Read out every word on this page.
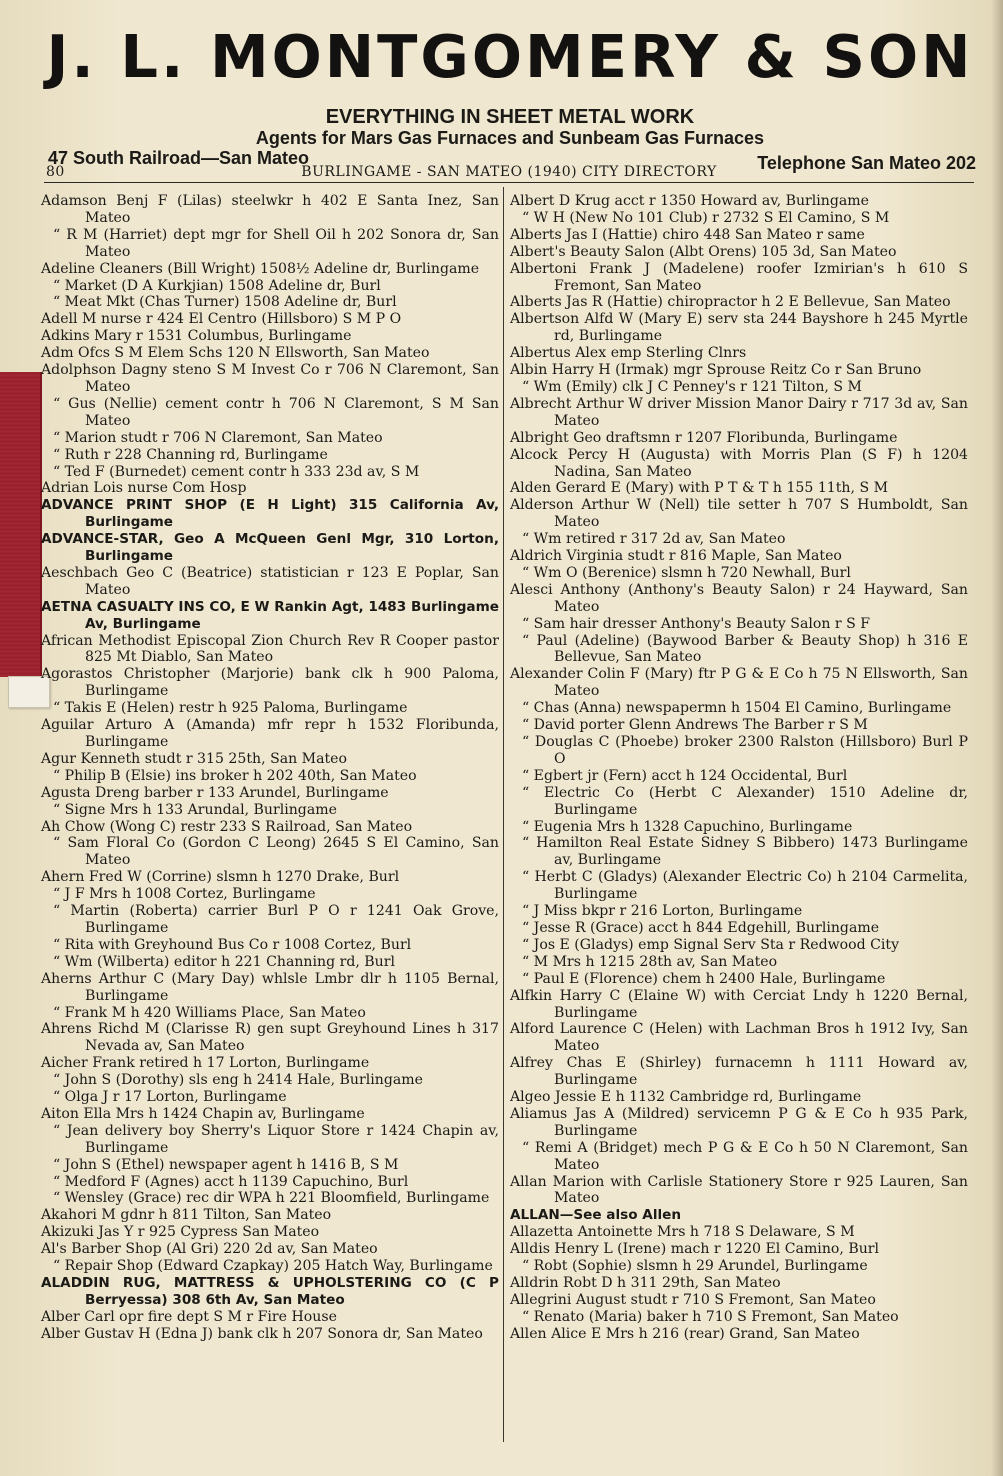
J. L. MONTGOMERY & SON
EVERYTHING IN SHEET METAL WORK
Agents for Mars Gas Furnaces and Sunbeam Gas Furnaces
47 South Railroad—San Mateo	Telephone San Mateo 202
80	BURLINGAME - SAN MATEO (1940) CITY DIRECTORY

Adamson Benj F (Lilas) steelwkr h 402 E Santa Inez, San Mateo

“ R M (Harriet) dept mgr for Shell Oil h 202 Sonora dr, San Mateo

Adeline Cleaners (Bill Wright) 1508½ Adeline dr, Burlingame

“ Market (D A Kurkjian) 1508 Adeline dr, Burl

“ Meat Mkt (Chas Turner) 1508 Adeline dr, Burl

Adell M nurse r 424 El Centro (Hillsboro) S M P O

Adkins Mary r 1531 Columbus, Burlingame

Adm Ofcs S M Elem Schs 120 N Ellsworth, San Mateo

Adolphson Dagny steno S M Invest Co r 706 N Claremont, San Mateo

“ Gus (Nellie) cement contr h 706 N Claremont, S M San Mateo

“ Marion studt r 706 N Claremont, San Mateo

“ Ruth r 228 Channing rd, Burlingame

“ Ted F (Burnedet) cement contr h 333 23d av, S M

Adrian Lois nurse Com Hosp

ADVANCE PRINT SHOP (E H Light) 315 California Av, Burlingame

ADVANCE-STAR, Geo A McQueen Genl Mgr, 310 Lorton, Burlingame

Aeschbach Geo C (Beatrice) statistician r 123 E Poplar, San Mateo

AETNA CASUALTY INS CO, E W Rankin Agt, 1483 Burlingame Av, Burlingame

African Methodist Episcopal Zion Church Rev R Cooper pastor 825 Mt Diablo, San Mateo

Agorastos Christopher (Marjorie) bank clk h 900 Paloma, Burlingame

“ Takis E (Helen) restr h 925 Paloma, Burlingame

Aguilar Arturo A (Amanda) mfr repr h 1532 Floribunda, Burlingame

Agur Kenneth studt r 315 25th, San Mateo

“ Philip B (Elsie) ins broker h 202 40th, San Mateo

Agusta Dreng barber r 133 Arundel, Burlingame

“ Signe Mrs h 133 Arundal, Burlingame

Ah Chow (Wong C) restr 233 S Railroad, San Mateo

“ Sam Floral Co (Gordon C Leong) 2645 S El Camino, San Mateo

Ahern Fred W (Corrine) slsmn h 1270 Drake, Burl

“ J F Mrs h 1008 Cortez, Burlingame

“ Martin (Roberta) carrier Burl P O r 1241 Oak Grove, Burlingame

“ Rita with Greyhound Bus Co r 1008 Cortez, Burl

“ Wm (Wilberta) editor h 221 Channing rd, Burl

Aherns Arthur C (Mary Day) whlsle Lmbr dlr h 1105 Bernal, Burlingame

“ Frank M h 420 Williams Place, San Mateo

Ahrens Richd M (Clarisse R) gen supt Greyhound Lines h 317 Nevada av, San Mateo

Aicher Frank retired h 17 Lorton, Burlingame

“ John S (Dorothy) sls eng h 2414 Hale, Burlingame

“ Olga J r 17 Lorton, Burlingame

Aiton Ella Mrs h 1424 Chapin av, Burlingame

“ Jean delivery boy Sherry's Liquor Store r 1424 Chapin av, Burlingame

“ John S (Ethel) newspaper agent h 1416 B, S M

“ Medford F (Agnes) acct h 1139 Capuchino, Burl

“ Wensley (Grace) rec dir WPA h 221 Bloomfield, Burlingame

Akahori M gdnr h 811 Tilton, San Mateo

Akizuki Jas Y r 925 Cypress San Mateo

Al's Barber Shop (Al Gri) 220 2d av, San Mateo

“ Repair Shop (Edward Czapkay) 205 Hatch Way, Burlingame

ALADDIN RUG, MATTRESS & UPHOLSTERING CO (C P Berryessa) 308 6th Av, San Mateo

Alber Carl opr fire dept S M r Fire House

Alber Gustav H (Edna J) bank clk h 207 Sonora dr, San Mateo

Albert D Krug acct r 1350 Howard av, Burlingame

“ W H (New No 101 Club) r 2732 S El Camino, S M

Alberts Jas I (Hattie) chiro 448 San Mateo r same

Albert's Beauty Salon (Albt Orens) 105 3d, San Mateo

Albertoni Frank J (Madelene) roofer Izmirian's h 610 S Fremont, San Mateo

Alberts Jas R (Hattie) chiropractor h 2 E Bellevue, San Mateo

Albertson Alfd W (Mary E) serv sta 244 Bayshore h 245 Myrtle rd, Burlingame

Albertus Alex emp Sterling Clnrs

Albin Harry H (Irmak) mgr Sprouse Reitz Co r San Bruno

“ Wm (Emily) clk J C Penney's r 121 Tilton, S M

Albrecht Arthur W driver Mission Manor Dairy r 717 3d av, San Mateo

Albright Geo draftsmn r 1207 Floribunda, Burlingame

Alcock Percy H (Augusta) with Morris Plan (S F) h 1204 Nadina, San Mateo

Alden Gerard E (Mary) with P T & T h 155 11th, S M

Alderson Arthur W (Nell) tile setter h 707 S Humboldt, San Mateo

“ Wm retired r 317 2d av, San Mateo

Aldrich Virginia studt r 816 Maple, San Mateo

“ Wm O (Berenice) slsmn h 720 Newhall, Burl

Alesci Anthony (Anthony's Beauty Salon) r 24 Hayward, San Mateo

“ Sam hair dresser Anthony's Beauty Salon r S F

“ Paul (Adeline) (Baywood Barber & Beauty Shop) h 316 E Bellevue, San Mateo

Alexander Colin F (Mary) ftr P G & E Co h 75 N Ellsworth, San Mateo

“ Chas (Anna) newspapermn h 1504 El Camino, Burlingame

“ David porter Glenn Andrews The Barber r S M

“ Douglas C (Phoebe) broker 2300 Ralston (Hillsboro) Burl P O

“ Egbert jr (Fern) acct h 124 Occidental, Burl

“ Electric Co (Herbt C Alexander) 1510 Adeline dr, Burlingame

“ Eugenia Mrs h 1328 Capuchino, Burlingame

“ Hamilton Real Estate Sidney S Bibbero) 1473 Burlingame av, Burlingame

“ Herbt C (Gladys) (Alexander Electric Co) h 2104 Carmelita, Burlingame

“ J Miss bkpr r 216 Lorton, Burlingame

“ Jesse R (Grace) acct h 844 Edgehill, Burlingame

“ Jos E (Gladys) emp Signal Serv Sta r Redwood City

“ M Mrs h 1215 28th av, San Mateo

“ Paul E (Florence) chem h 2400 Hale, Burlingame

Alfkin Harry C (Elaine W) with Cerciat Lndy h 1220 Bernal, Burlingame

Alford Laurence C (Helen) with Lachman Bros h 1912 Ivy, San Mateo

Alfrey Chas E (Shirley) furnacemn h 1111 Howard av, Burlingame

Algeo Jessie E h 1132 Cambridge rd, Burlingame

Aliamus Jas A (Mildred) servicemn P G & E Co h 935 Park, Burlingame

“ Remi A (Bridget) mech P G & E Co h 50 N Claremont, San Mateo

Allan Marion with Carlisle Stationery Store r 925 Lauren, San Mateo

ALLAN—See also Allen

Allazetta Antoinette Mrs h 718 S Delaware, S M

Alldis Henry L (Irene) mach r 1220 El Camino, Burl

“ Robt (Sophie) slsmn h 29 Arundel, Burlingame

Alldrin Robt D h 311 29th, San Mateo

Allegrini August studt r 710 S Fremont, San Mateo

“ Renato (Maria) baker h 710 S Fremont, San Mateo

Allen Alice E Mrs h 216 (rear) Grand, San Mateo
